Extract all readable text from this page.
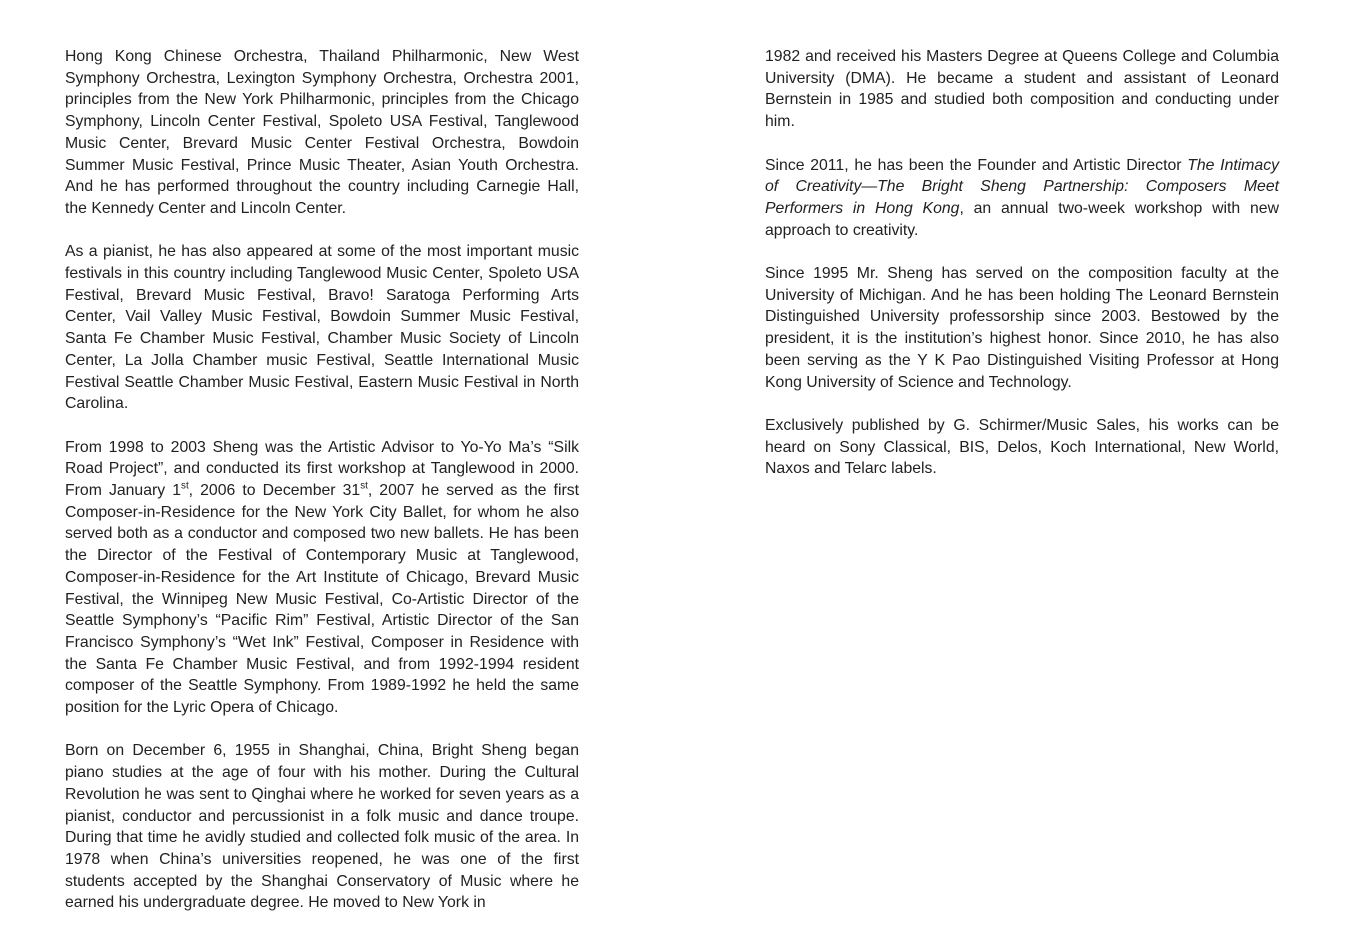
Hong Kong Chinese Orchestra, Thailand Philharmonic, New West Symphony Orchestra, Lexington Symphony Orchestra, Orchestra 2001, principles from the New York Philharmonic, principles from the Chicago Symphony, Lincoln Center Festival, Spoleto USA Festival, Tanglewood Music Center, Brevard Music Center Festival Orchestra, Bowdoin Summer Music Festival, Prince Music Theater, Asian Youth Orchestra. And he has performed throughout the country including Carnegie Hall, the Kennedy Center and Lincoln Center.

As a pianist, he has also appeared at some of the most important music festivals in this country including Tanglewood Music Center, Spoleto USA Festival, Brevard Music Festival, Bravo! Saratoga Performing Arts Center, Vail Valley Music Festival, Bowdoin Summer Music Festival, Santa Fe Chamber Music Festival, Chamber Music Society of Lincoln Center, La Jolla Chamber music Festival, Seattle International Music Festival Seattle Chamber Music Festival, Eastern Music Festival in North Carolina.

From 1998 to 2003 Sheng was the Artistic Advisor to Yo-Yo Ma’s “Silk Road Project”, and conducted its first workshop at Tanglewood in 2000. From January 1st, 2006 to December 31st, 2007 he served as the first Composer-in-Residence for the New York City Ballet, for whom he also served both as a conductor and composed two new ballets. He has been the Director of the Festival of Contemporary Music at Tanglewood, Composer-in-Residence for the Art Institute of Chicago, Brevard Music Festival, the Winnipeg New Music Festival, Co-Artistic Director of the Seattle Symphony’s “Pacific Rim” Festival, Artistic Director of the San Francisco Symphony’s “Wet Ink” Festival, Composer in Residence with the Santa Fe Chamber Music Festival, and from 1992-1994 resident composer of the Seattle Symphony. From 1989-1992 he held the same position for the Lyric Opera of Chicago.

Born on December 6, 1955 in Shanghai, China, Bright Sheng began piano studies at the age of four with his mother. During the Cultural Revolution he was sent to Qinghai where he worked for seven years as a pianist, conductor and percussionist in a folk music and dance troupe. During that time he avidly studied and collected folk music of the area. In 1978 when China’s universities reopened, he was one of the first students accepted by the Shanghai Conservatory of Music where he earned his undergraduate degree. He moved to New York in

1982 and received his Masters Degree at Queens College and Columbia University (DMA). He became a student and assistant of Leonard Bernstein in 1985 and studied both composition and conducting under him.

Since 2011, he has been the Founder and Artistic Director The Intimacy of Creativity—The Bright Sheng Partnership: Composers Meet Performers in Hong Kong, an annual two-week workshop with new approach to creativity.

Since 1995 Mr. Sheng has served on the composition faculty at the University of Michigan. And he has been holding The Leonard Bernstein Distinguished University professorship since 2003. Bestowed by the president, it is the institution’s highest honor. Since 2010, he has also been serving as the Y K Pao Distinguished Visiting Professor at Hong Kong University of Science and Technology.

Exclusively published by G. Schirmer/Music Sales, his works can be heard on Sony Classical, BIS, Delos, Koch International, New World, Naxos and Telarc labels.
